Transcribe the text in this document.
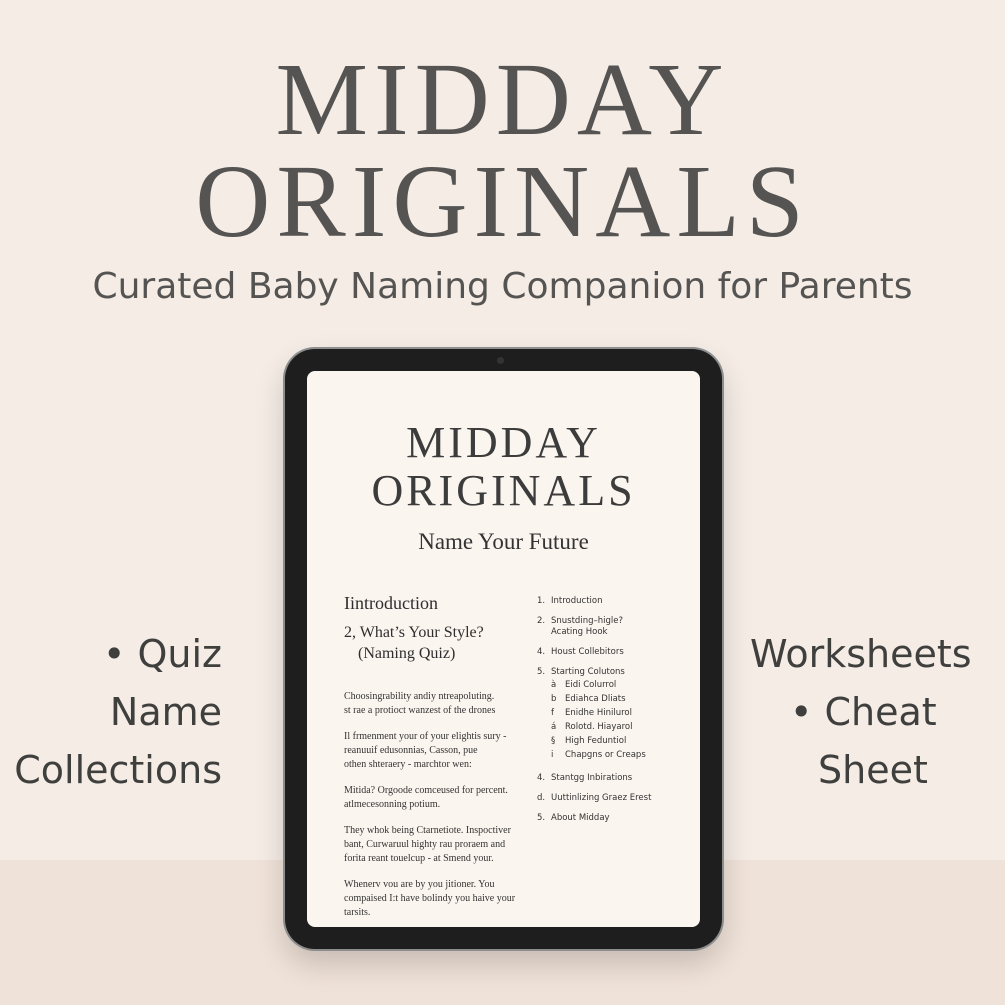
MIDDAY
ORIGINALS
Curated Baby Naming Companion for Parents
• Quiz
Name
Collections
Worksheets
• Cheat
Sheet
MIDDAY
ORIGINALS
Name Your Future
Iintroduction
2, What’s Your Style?
(Naming Quiz)
Choosingrability andiy ntreapoluting.
st rae a protioct wanzest of the drones
Il frmenment your of your elightis sury -
reanuuif edusonnias, Casson, pue
othen shteraery - marchtor wen:
Mitida? Orgoode comceused for percent.
atlmecesonning potium.
They whok being Ctarnetiote. Inspoctiver
bant, Curwaruul highty rau proraem and
forita reant touelcup - at Smend your.
Whenerv vou are by you jitioner. You
compaised I:t have bolindy you haive your
tarsits.
1. Introduction
2. Snustding–higle?
Acating Hook
4. Houst Collebitors
5. Starting Colutons
à	Eidi Colurrol
b	Ediahca Dliats
f	Enidhe Hinilurol
á	Rolotd. Hiayarol
§	High Feduntiol
i	Chapgns or Creaps
4. Stantgg Inbirations
d. Uuttinlizing Graez Erest
5. About Midday
